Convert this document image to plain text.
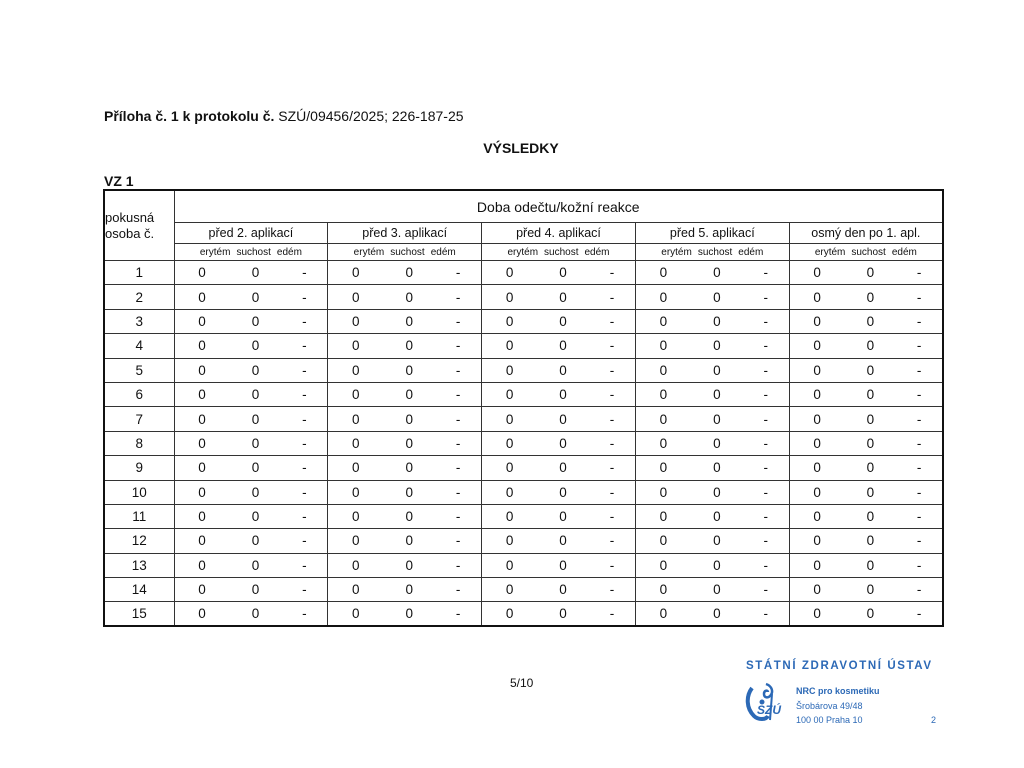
Příloha č. 1 k protokolu č. SZÚ/09456/2025; 226-187-25
VÝSLEDKY
VZ 1
pokusná
osoba č.	Doba odečtu/kožní reakce				
	před 2. aplikací	před 3. aplikací	před 4. aplikací	před 5. aplikací	osmý den po 1. apl.
	erytém suchost edém	erytém suchost edém	erytém suchost edém	erytém suchost edém	erytém suchost edém
1	0 0 -	0 0 -	0 0 -	0 0 -	0 0 -

2	0 0 -	0 0 -	0 0 -	0 0 -	0 0 -

3	0 0 -	0 0 -	0 0 -	0 0 -	0 0 -

4	0 0 -	0 0 -	0 0 -	0 0 -	0 0 -

5	0 0 -	0 0 -	0 0 -	0 0 -	0 0 -

6	0 0 -	0 0 -	0 0 -	0 0 -	0 0 -

7	0 0 -	0 0 -	0 0 -	0 0 -	0 0 -

8	0 0 -	0 0 -	0 0 -	0 0 -	0 0 -

9	0 0 -	0 0 -	0 0 -	0 0 -	0 0 -

10	0 0 -	0 0 -	0 0 -	0 0 -	0 0 -

11	0 0 -	0 0 -	0 0 -	0 0 -	0 0 -

12	0 0 -	0 0 -	0 0 -	0 0 -	0 0 -

13	0 0 -	0 0 -	0 0 -	0 0 -	0 0 -

14	0 0 -	0 0 -	0 0 -	0 0 -	0 0 -

15	0 0 -	0 0 -	0 0 -	0 0 -	0 0 -
5/10
STÁTNÍ ZDRAVOTNÍ ÚSTAV
SZÚ
NRC pro kosmetiku
Šrobárova 49/48
100 00 Praha 10	2
